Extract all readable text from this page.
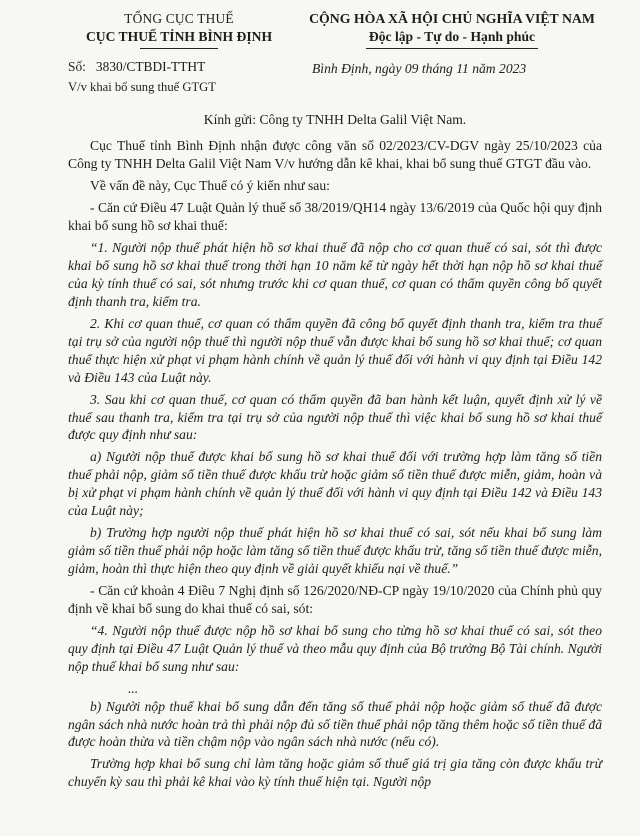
TỔNG CỤC THUẾ
CỤC THUẾ TỈNH BÌNH ĐỊNH
CỘNG HÒA XÃ HỘI CHỦ NGHĨA VIỆT NAM
Độc lập - Tự do - Hạnh phúc
Số: 3830/CTBDI-TTHT
V/v khai bổ sung thuế GTGT
Bình Định, ngày 09 tháng 11 năm 2023
Kính gửi: Công ty TNHH Delta Galil Việt Nam.
Cục Thuế tỉnh Bình Định nhận được công văn số 02/2023/CV-DGV ngày 25/10/2023 của Công ty TNHH Delta Galil Việt Nam V/v hướng dẫn kê khai, khai bổ sung thuế GTGT đầu vào.
Về vấn đề này, Cục Thuế có ý kiến như sau:
- Căn cứ Điều 47 Luật Quản lý thuế số 38/2019/QH14 ngày 13/6/2019 của Quốc hội quy định khai bổ sung hồ sơ khai thuế:
“1. Người nộp thuế phát hiện hồ sơ khai thuế đã nộp cho cơ quan thuế có sai, sót thì được khai bổ sung hồ sơ khai thuế trong thời hạn 10 năm kể từ ngày hết thời hạn nộp hồ sơ khai thuế của kỳ tính thuế có sai, sót nhưng trước khi cơ quan thuế, cơ quan có thẩm quyền công bố quyết định thanh tra, kiểm tra.
2. Khi cơ quan thuế, cơ quan có thẩm quyền đã công bố quyết định thanh tra, kiểm tra thuế tại trụ sở của người nộp thuế thì người nộp thuế vẫn được khai bổ sung hồ sơ khai thuế; cơ quan thuế thực hiện xử phạt vi phạm hành chính về quản lý thuế đối với hành vi quy định tại Điều 142 và Điều 143 của Luật này.
3. Sau khi cơ quan thuế, cơ quan có thẩm quyền đã ban hành kết luận, quyết định xử lý về thuế sau thanh tra, kiểm tra tại trụ sở của người nộp thuế thì việc khai bổ sung hồ sơ khai thuế được quy định như sau:
a) Người nộp thuế được khai bổ sung hồ sơ khai thuế đối với trường hợp làm tăng số tiền thuế phải nộp, giảm số tiền thuế được khấu trừ hoặc giảm số tiền thuế được miễn, giảm, hoàn và bị xử phạt vi phạm hành chính về quản lý thuế đối với hành vi quy định tại Điều 142 và Điều 143 của Luật này;
b) Trường hợp người nộp thuế phát hiện hồ sơ khai thuế có sai, sót nếu khai bổ sung làm giảm số tiền thuế phải nộp hoặc làm tăng số tiền thuế được khấu trừ, tăng số tiền thuế được miễn, giảm, hoàn thì thực hiện theo quy định về giải quyết khiếu nại về thuế.”
- Căn cứ khoản 4 Điều 7 Nghị định số 126/2020/NĐ-CP ngày 19/10/2020 của Chính phủ quy định về khai bổ sung do khai thuế có sai, sót:
“4. Người nộp thuế được nộp hồ sơ khai bổ sung cho từng hồ sơ khai thuế có sai, sót theo quy định tại Điều 47 Luật Quản lý thuế và theo mẫu quy định của Bộ trưởng Bộ Tài chính. Người nộp thuế khai bổ sung như sau:
...
b) Người nộp thuế khai bổ sung dẫn đến tăng số thuế phải nộp hoặc giảm số thuế đã được ngân sách nhà nước hoàn trả thì phải nộp đủ số tiền thuế phải nộp tăng thêm hoặc số tiền thuế đã được hoàn thừa và tiền chậm nộp vào ngân sách nhà nước (nếu có).
Trường hợp khai bổ sung chỉ làm tăng hoặc giảm số thuế giá trị gia tăng còn được khấu trừ chuyển kỳ sau thì phải kê khai vào kỳ tính thuế hiện tại. Người nộp
